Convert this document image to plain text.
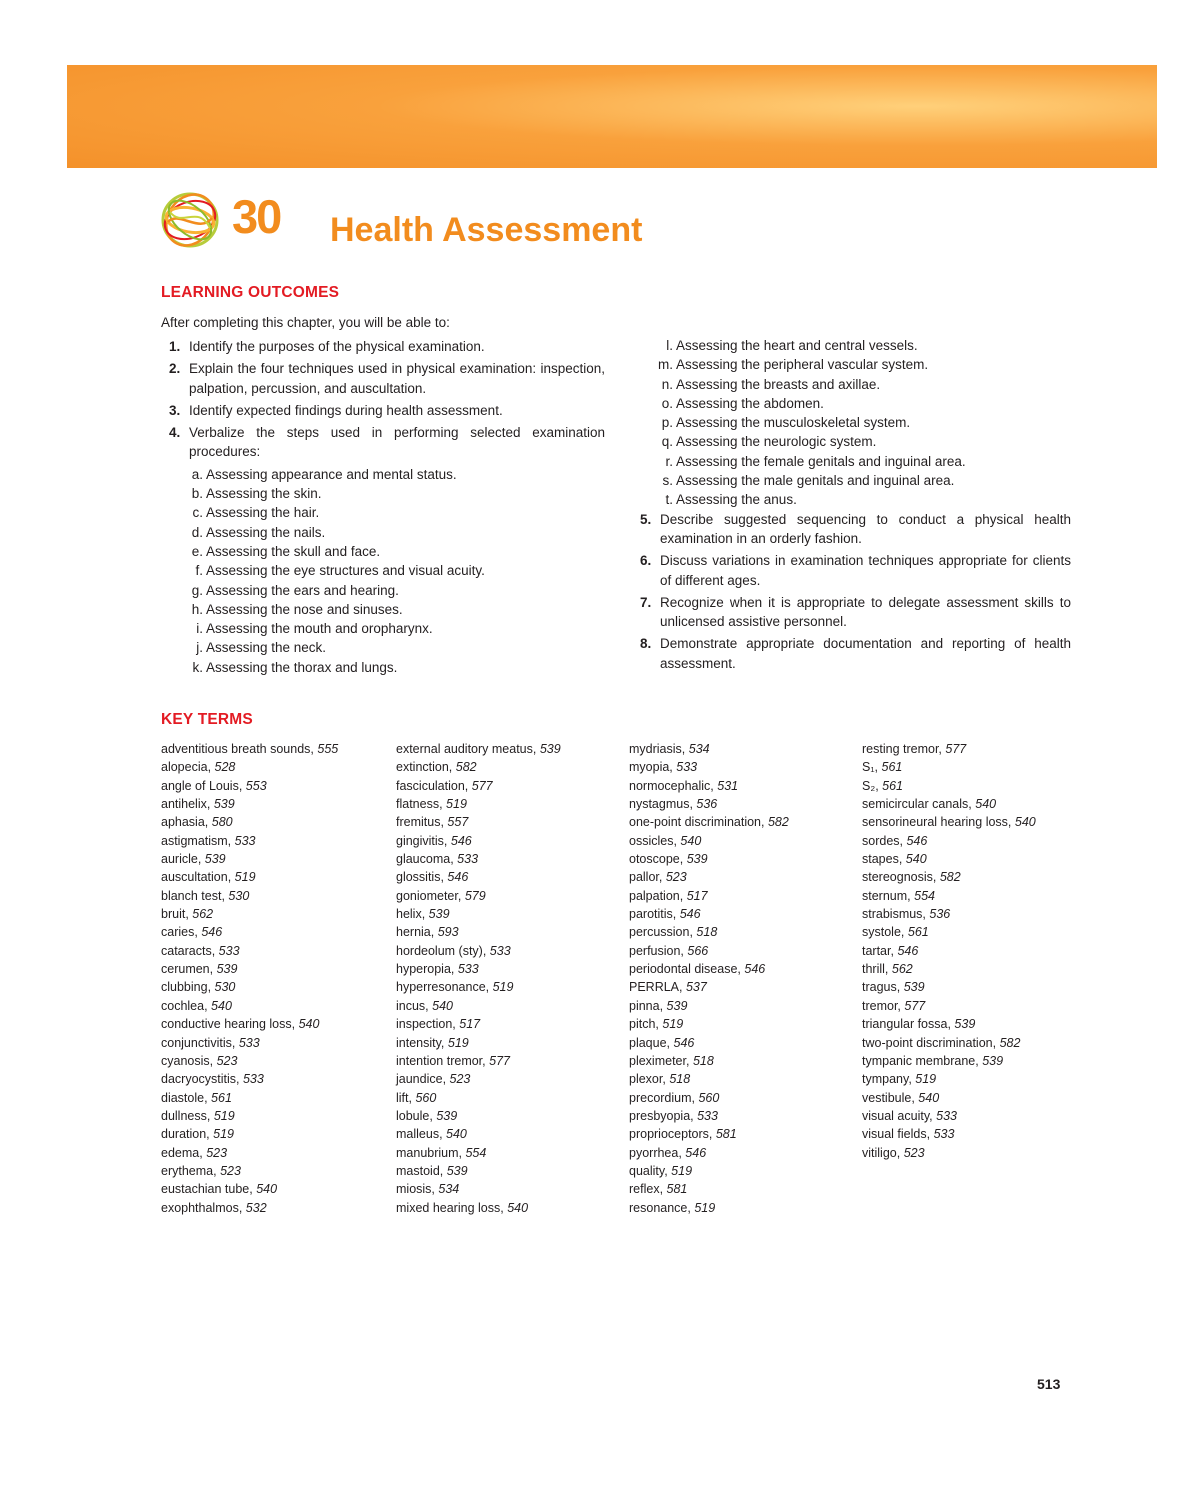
30 Health Assessment
LEARNING OUTCOMES
After completing this chapter, you will be able to:
1. Identify the purposes of the physical examination.
2. Explain the four techniques used in physical examination: inspection, palpation, percussion, and auscultation.
3. Identify expected findings during health assessment.
4. Verbalize the steps used in performing selected examination procedures:
a. Assessing appearance and mental status.
b. Assessing the skin.
c. Assessing the hair.
d. Assessing the nails.
e. Assessing the skull and face.
f. Assessing the eye structures and visual acuity.
g. Assessing the ears and hearing.
h. Assessing the nose and sinuses.
i. Assessing the mouth and oropharynx.
j. Assessing the neck.
k. Assessing the thorax and lungs.
l. Assessing the heart and central vessels.
m. Assessing the peripheral vascular system.
n. Assessing the breasts and axillae.
o. Assessing the abdomen.
p. Assessing the musculoskeletal system.
q. Assessing the neurologic system.
r. Assessing the female genitals and inguinal area.
s. Assessing the male genitals and inguinal area.
t. Assessing the anus.
5. Describe suggested sequencing to conduct a physical health examination in an orderly fashion.
6. Discuss variations in examination techniques appropriate for clients of different ages.
7. Recognize when it is appropriate to delegate assessment skills to unlicensed assistive personnel.
8. Demonstrate appropriate documentation and reporting of health assessment.
KEY TERMS
adventitious breath sounds, 555
alopecia, 528
angle of Louis, 553
antihelix, 539
aphasia, 580
astigmatism, 533
auricle, 539
auscultation, 519
blanch test, 530
bruit, 562
caries, 546
cataracts, 533
cerumen, 539
clubbing, 530
cochlea, 540
conductive hearing loss, 540
conjunctivitis, 533
cyanosis, 523
dacryocystitis, 533
diastole, 561
dullness, 519
duration, 519
edema, 523
erythema, 523
eustachian tube, 540
exophthalmos, 532
external auditory meatus, 539
extinction, 582
fasciculation, 577
flatness, 519
fremitus, 557
gingivitis, 546
glaucoma, 533
glossitis, 546
goniometer, 579
helix, 539
hernia, 593
hordeolum (sty), 533
hyperopia, 533
hyperresonance, 519
incus, 540
inspection, 517
intensity, 519
intention tremor, 577
jaundice, 523
lift, 560
lobule, 539
malleus, 540
manubrium, 554
mastoid, 539
miosis, 534
mixed hearing loss, 540
mydriasis, 534
myopia, 533
normocephalic, 531
nystagmus, 536
one-point discrimination, 582
ossicles, 540
otoscope, 539
pallor, 523
palpation, 517
parotitis, 546
percussion, 518
perfusion, 566
periodontal disease, 546
PERRLA, 537
pinna, 539
pitch, 519
plaque, 546
pleximeter, 518
plexor, 518
precordium, 560
presbyopia, 533
proprioceptors, 581
pyorrhea, 546
quality, 519
reflex, 581
resonance, 519
resting tremor, 577
S₁, 561
S₂, 561
semicircular canals, 540
sensorineural hearing loss, 540
sordes, 546
stapes, 540
stereognosis, 582
sternum, 554
strabismus, 536
systole, 561
tartar, 546
thrill, 562
tragus, 539
tremor, 577
triangular fossa, 539
two-point discrimination, 582
tympanic membrane, 539
tympany, 519
vestibule, 540
visual acuity, 533
visual fields, 533
vitiligo, 523
513
